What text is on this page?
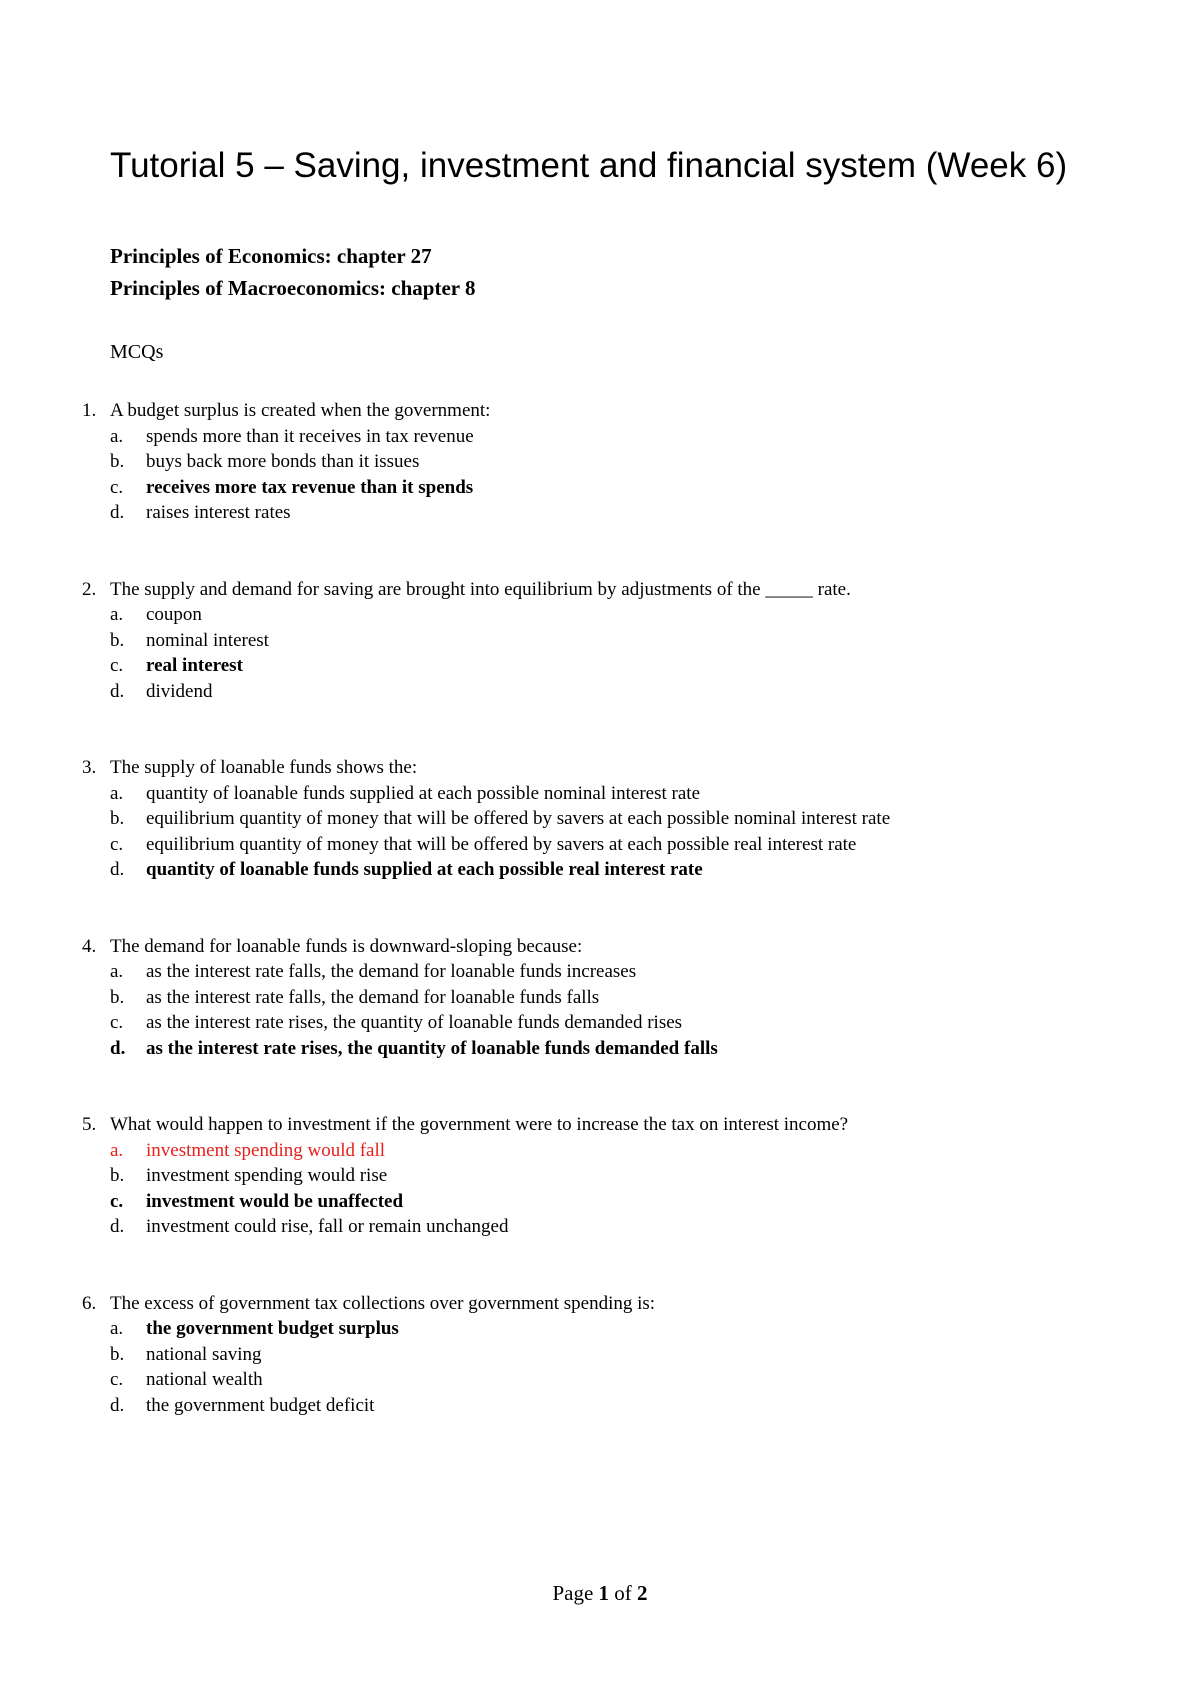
Tutorial 5 – Saving, investment and financial system (Week 6)

Principles of Economics: chapter 27

Principles of Macroeconomics: chapter 8

MCQs

1. A budget surplus is created when the government:
a. spends more than it receives in tax revenue
b. buys back more bonds than it issues
c. receives more tax revenue than it spends
d. raises interest rates
2. The supply and demand for saving are brought into equilibrium by adjustments of the _____ rate.
a. coupon
b. nominal interest
c. real interest
d. dividend
3. The supply of loanable funds shows the:
a. quantity of loanable funds supplied at each possible nominal interest rate
b. equilibrium quantity of money that will be offered by savers at each possible nominal interest rate
c. equilibrium quantity of money that will be offered by savers at each possible real interest rate
d. quantity of loanable funds supplied at each possible real interest rate
4. The demand for loanable funds is downward-sloping because:
a. as the interest rate falls, the demand for loanable funds increases
b. as the interest rate falls, the demand for loanable funds falls
c. as the interest rate rises, the quantity of loanable funds demanded rises
d. as the interest rate rises, the quantity of loanable funds demanded falls
5. What would happen to investment if the government were to increase the tax on interest income?
a. investment spending would fall
b. investment spending would rise
c. investment would be unaffected
d. investment could rise, fall or remain unchanged
6. The excess of government tax collections over government spending is:
a. the government budget surplus
b. national saving
c. national wealth
d. the government budget deficit
Page 1 of 2
